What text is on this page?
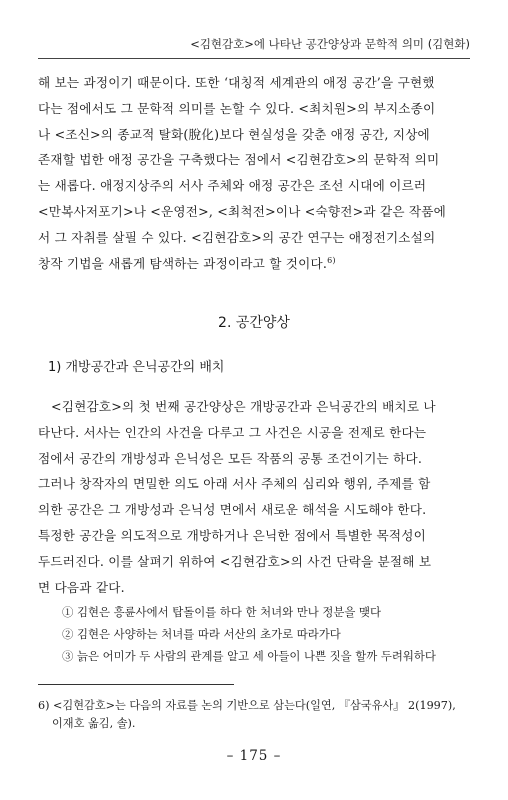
<김현감호>에 나타난 공간양상과 문학적 의미 (김현화)

해 보는 과정이기 때문이다. 또한 ‘대칭적 세계관의 애정 공간’을 구현했
다는 점에서도 그 문학적 의미를 논할 수 있다. <최치원>의 부지소종이
나 <조신>의 종교적 탈화(脫化)보다 현실성을 갖춘 애정 공간, 지상에
존재할 법한 애정 공간을 구축했다는 점에서 <김현감호>의 문학적 의미
는 새롭다. 애정지상주의 서사 주체와 애정 공간은 조선 시대에 이르러
<만복사저포기>나 <운영전>, <최척전>이나 <숙향전>과 같은 작품에
서 그 자취를 살필 수 있다. <김현감호>의 공간 연구는 애정전기소설의
창작 기법을 새롭게 탐색하는 과정이라고 할 것이다.$^{6)}$

2. 공간양상
1) 개방공간과 은닉공간의 배치

<김현감호>의 첫 번째 공간양상은 개방공간과 은닉공간의 배치로 나
타난다. 서사는 인간의 사건을 다루고 그 사건은 시공을 전제로 한다는
점에서 공간의 개방성과 은닉성은 모든 작품의 공통 조건이기는 하다.
그러나 창작자의 면밀한 의도 아래 서사 주체의 심리와 행위, 주제를 함
의한 공간은 그 개방성과 은닉성 면에서 새로운 해석을 시도해야 한다.
특정한 공간을 의도적으로 개방하거나 은닉한 점에서 특별한 목적성이
두드러진다. 이를 살펴기 위하여 <김현감호>의 사건 단락을 분절해 보
면 다음과 같다.

① 김현은 흥륜사에서 탑돌이를 하다 한 처녀와 만나 정분을 맺다
② 김현은 사양하는 처녀를 따라 서산의 초가로 따라가다
③ 늙은 어미가 두 사람의 관계를 알고 세 아들이 나쁜 짓을 할까 두려워하다

6) <김현감호>는 다음의 자료를 논의 기반으로 삼는다(일연, 『삼국유사』 2(1997),
이재호 옮김, 솔).

– 175 –
